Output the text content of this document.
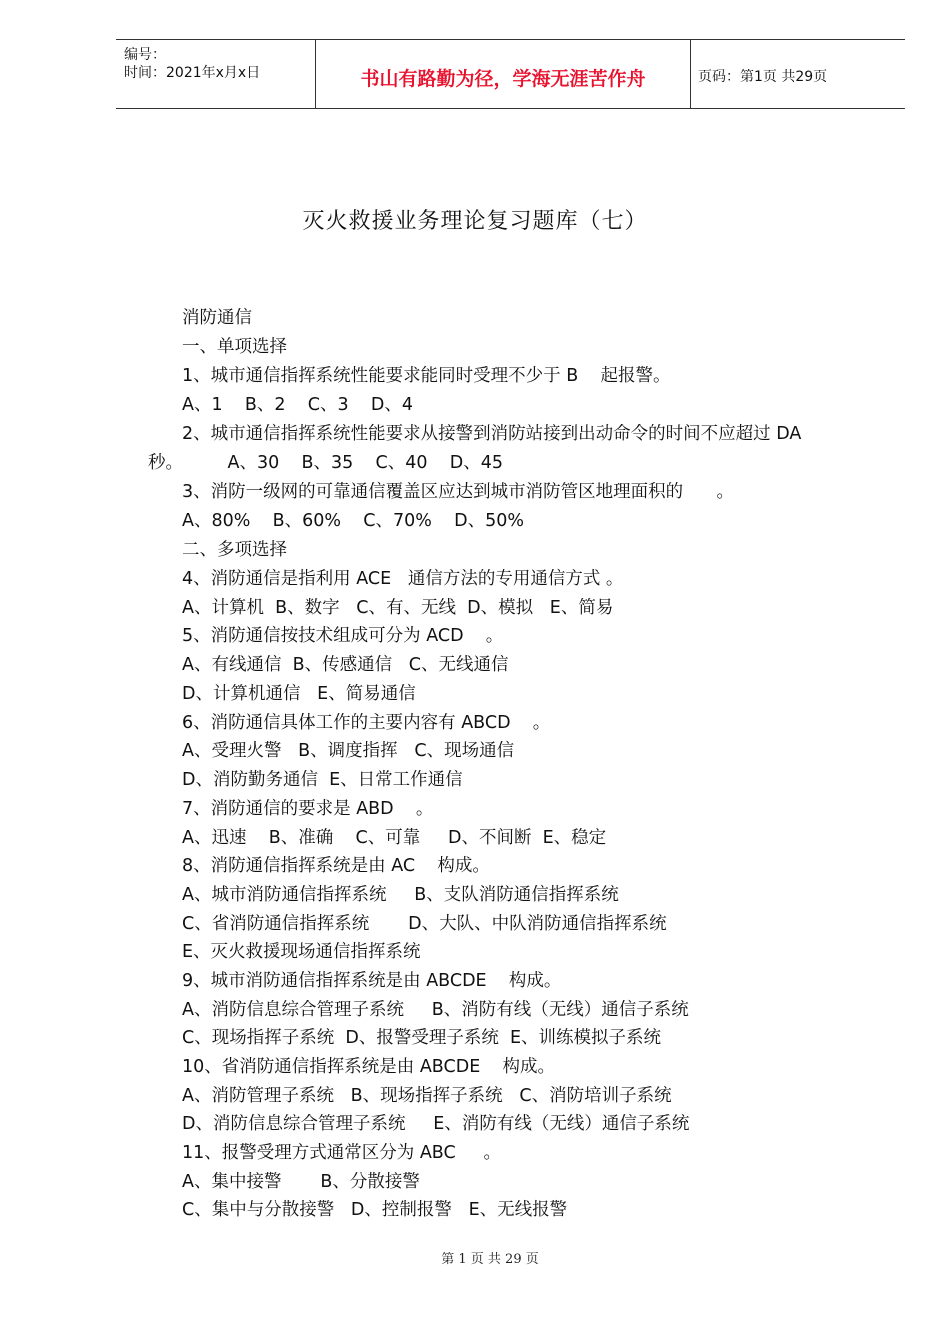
编号：
时间：2021年x月x日	书山有路勤为径，学海无涯苦作舟	页码：第1页 共29页
灭火救援业务理论复习题库（七）
消防通信
一、单项选择
1、城市通信指挥系统性能要求能同时受理不少于 B    起报警。
A、1    B、2    C、3    D、4
2、城市通信指挥系统性能要求从接警到消防站接到出动命令的时间不应超过 DA
秒。        A、30    B、35    C、40    D、45
3、消防一级网的可靠通信覆盖区应达到城市消防管区地理面积的      。
A、80%    B、60%    C、70%    D、50%
二、多项选择
4、消防通信是指利用 ACE   通信方法的专用通信方式 。
A、计算机  B、数字   C、有、无线  D、模拟   E、简易
5、消防通信按技术组成可分为 ACD    。
A、有线通信  B、传感通信   C、无线通信
D、计算机通信   E、简易通信
6、消防通信具体工作的主要内容有 ABCD    。
A、受理火警   B、调度指挥   C、现场通信
D、消防勤务通信  E、日常工作通信
7、消防通信的要求是 ABD    。
A、迅速    B、准确    C、可靠     D、不间断  E、稳定
8、消防通信指挥系统是由 AC    构成。
A、城市消防通信指挥系统     B、支队消防通信指挥系统
C、省消防通信指挥系统       D、大队、中队消防通信指挥系统
E、灭火救援现场通信指挥系统
9、城市消防通信指挥系统是由 ABCDE    构成。
A、消防信息综合管理子系统     B、消防有线（无线）通信子系统
C、现场指挥子系统  D、报警受理子系统  E、训练模拟子系统
10、省消防通信指挥系统是由 ABCDE    构成。
A、消防管理子系统   B、现场指挥子系统   C、消防培训子系统
D、消防信息综合管理子系统     E、消防有线（无线）通信子系统
11、报警受理方式通常区分为 ABC     。
A、集中接警       B、分散接警
C、集中与分散接警   D、控制报警   E、无线报警
第 1 页 共 29 页
